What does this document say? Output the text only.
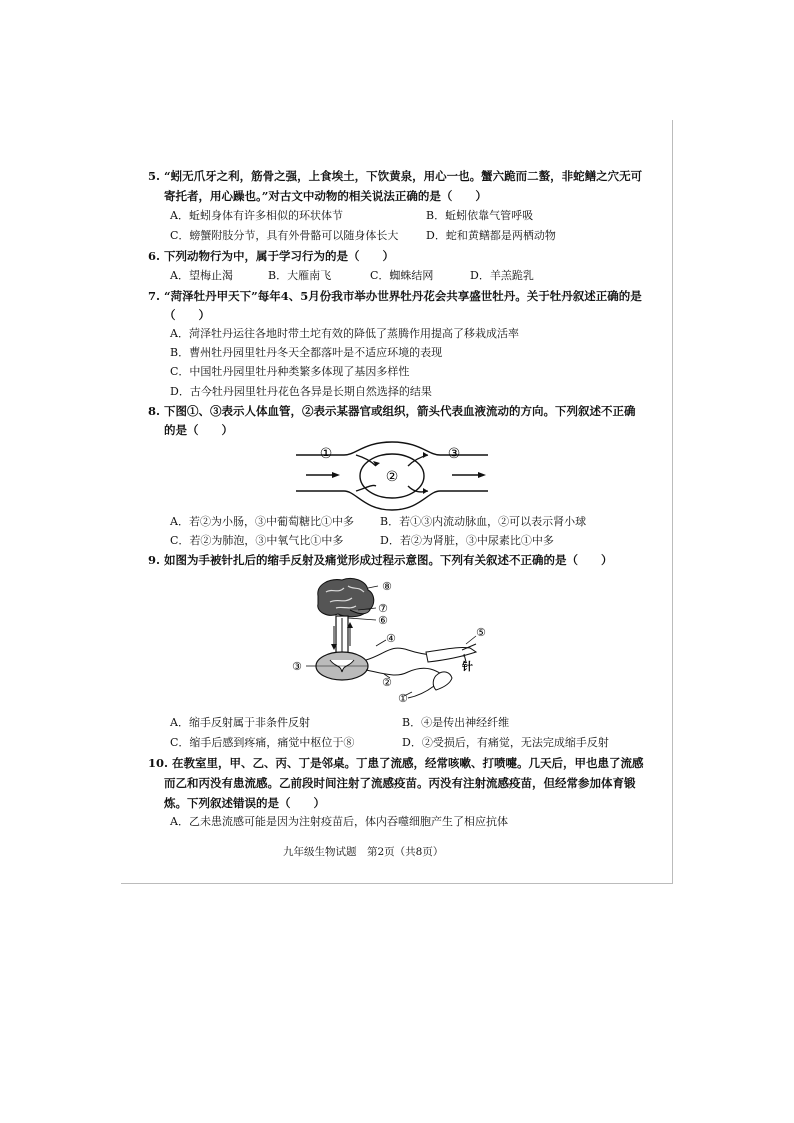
5. “蚓无爪牙之利，筋骨之强，上食埃土，下饮黄泉，用心一也。蟹六跪而二螯，非蛇鳝之穴无可
寄托者，用心躁也。”对古文中动物的相关说法正确的是（　　）
A．蚯蚓身体有许多相似的环状体节	B．蚯蚓依靠气管呼吸
C．螃蟹附肢分节，具有外骨骼可以随身体长大	D．蛇和黄鳝都是两栖动物
6. 下列动物行为中，属于学习行为的是（　　）
A．望梅止渴	B．大雁南飞	C．蜘蛛结网	D．羊羔跪乳
7. “菏泽牡丹甲天下”每年4、5月份我市举办世界牡丹花会共享盛世牡丹。关于牡丹叙述正确的是
（　　）
A．菏泽牡丹运往各地时带土坨有效的降低了蒸腾作用提高了移栽成活率
B．曹州牡丹园里牡丹冬天全都落叶是不适应环境的表现
C．中国牡丹园里牡丹种类繁多体现了基因多样性
D．古今牡丹园里牡丹花色各异是长期自然选择的结果
8. 下图①、③表示人体血管，②表示某器官或组织，箭头代表血液流动的方向。下列叙述不正确
的是（　　）
①
②
③
A．若②为小肠，③中葡萄糖比①中多 B．若①③内流动脉血，②可以表示肾小球
C．若②为肺泡，③中氧气比①中多	D．若②为肾脏，③中尿素比①中多
9. 如图为手被针扎后的缩手反射及痛觉形成过程示意图。下列有关叙述不正确的是（　　）
⑧
⑦
⑥
④	⑤
③
②
①
针
A．缩手反射属于非条件反射	B．④是传出神经纤维
C．缩手后感到疼痛，痛觉中枢位于⑧	D．②受损后，有痛觉，无法完成缩手反射
10. 在教室里，甲、乙、丙、丁是邻桌。丁患了流感，经常咳嗽、打喷嚏。几天后，甲也患了流感
而乙和丙没有患流感。乙前段时间注射了流感疫苗。丙没有注射流感疫苗，但经常参加体育锻
炼。下列叙述错误的是（　　）
A．乙未患流感可能是因为注射疫苗后，体内吞噬细胞产生了相应抗体
九年级生物试题　第2页（共8页）
